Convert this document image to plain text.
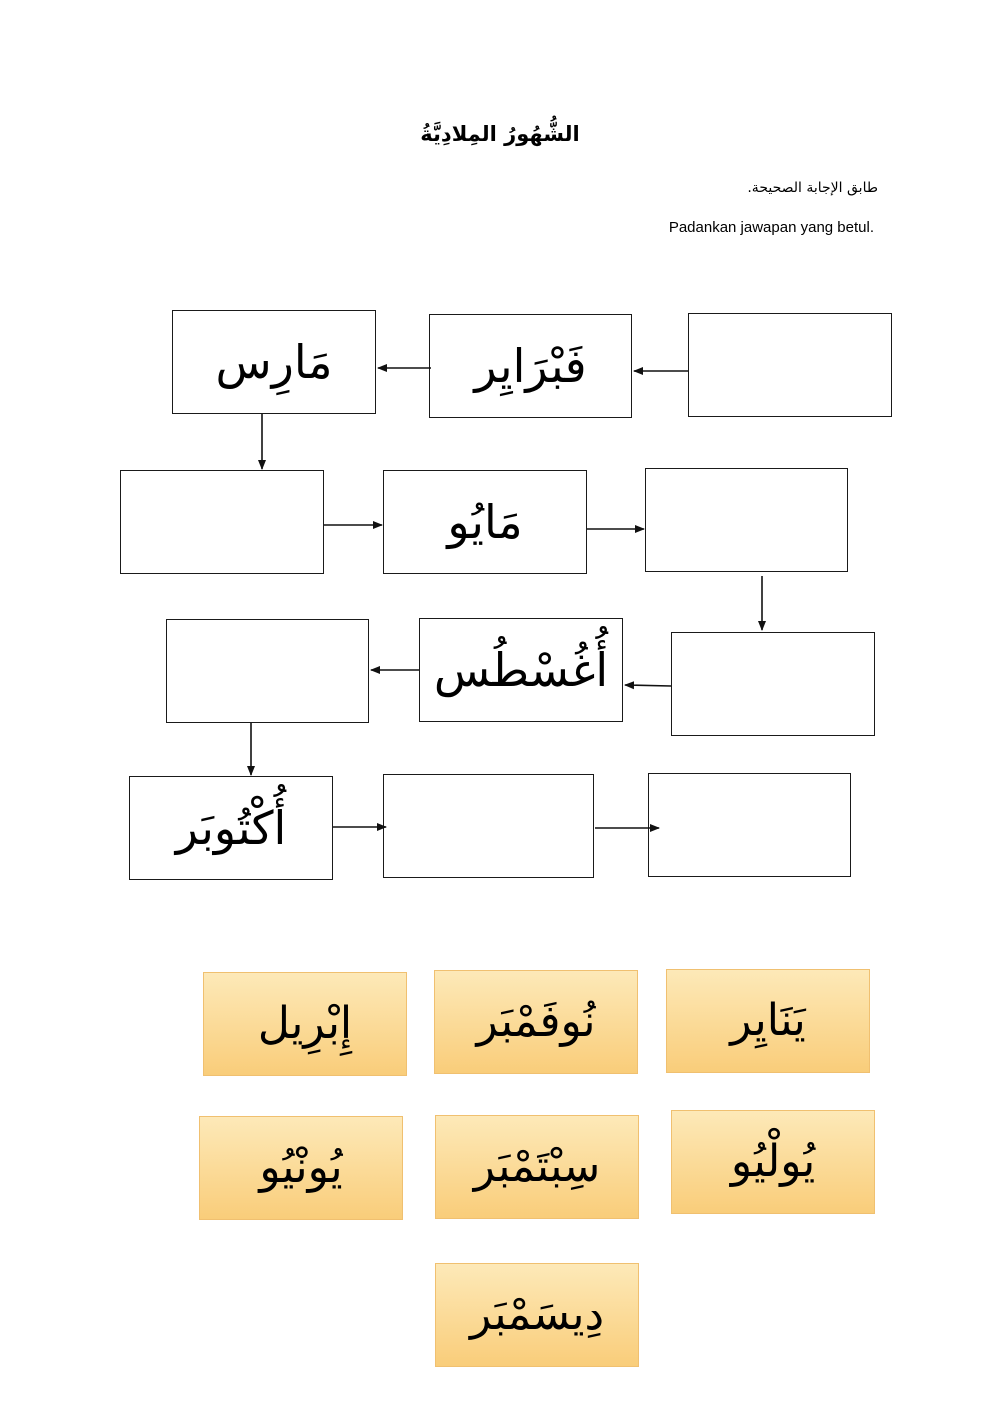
الشُّهُورُ المِلادِيَّةُ
طابق الإجابة الصحيحة.
Padankan jawapan yang betul.
مَارِس	فَبْرَايِر
مَايُو
أُغُسْطُس
أُكْتُوبَر
إِبْرِيل	نُوفَمْبَر	يَنَايِر
يُونْيُو	سِبْتَمْبَر	يُولْيُو
دِيسَمْبَر
